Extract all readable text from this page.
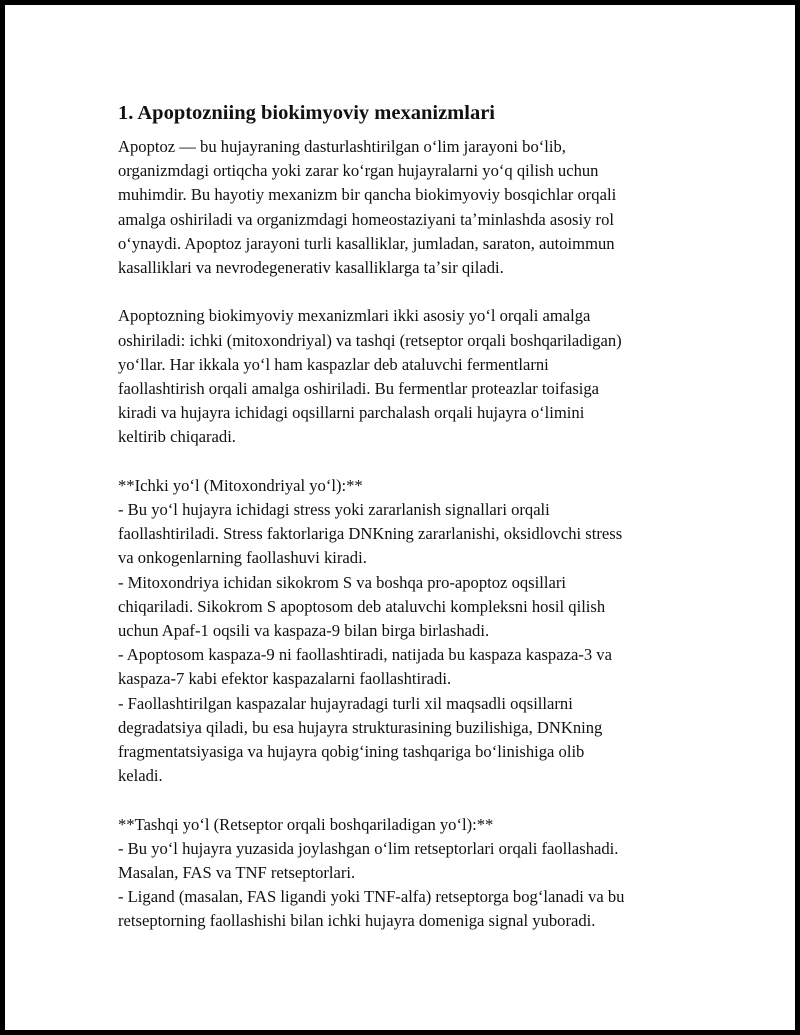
1. Apoptozniing biokimyoviy mexanizmlari
Apoptoz — bu hujayraning dasturlashtirilgan oʻlim jarayoni boʻlib,
organizmdagi ortiqcha yoki zarar koʻrgan hujayralarni yoʻq qilish uchun
muhimdir. Bu hayotiy mexanizm bir qancha biokimyoviy bosqichlar orqali
amalga oshiriladi va organizmdagi homeostaziyani taʼminlashda asosiy rol
oʻynaydi. Apoptoz jarayoni turli kasalliklar, jumladan, saraton, autoimmun
kasalliklari va nevrodegenerativ kasalliklarga taʼsir qiladi.
Apoptozning biokimyoviy mexanizmlari ikki asosiy yoʻl orqali amalga
oshiriladi: ichki (mitoxondriyal) va tashqi (retseptor orqali boshqariladigan)
yoʻllar. Har ikkala yoʻl ham kaspazlar deb ataluvchi fermentlarni
faollashtirish orqali amalga oshiriladi. Bu fermentlar proteazlar toifasiga
kiradi va hujayra ichidagi oqsillarni parchalash orqali hujayra oʻlimini
keltirib chiqaradi.
**Ichki yoʻl (Mitoxondriyal yoʻl):**
- Bu yoʻl hujayra ichidagi stress yoki zararlanish signallari orqali
faollashtiriladi. Stress faktorlariga DNKning zararlanishi, oksidlovchi stress
va onkogenlarning faollashuvi kiradi.
- Mitoxondriya ichidan sikokrom S va boshqa pro-apoptoz oqsillari
chiqariladi. Sikokrom S apoptosom deb ataluvchi kompleksni hosil qilish
uchun Apaf-1 oqsili va kaspaza-9 bilan birga birlashadi.
- Apoptosom kaspaza-9 ni faollashtiradi, natijada bu kaspaza kaspaza-3 va
kaspaza-7 kabi efektor kaspazalarni faollashtiradi.
- Faollashtirilgan kaspazalar hujayradagi turli xil maqsadli oqsillarni
degradatsiya qiladi, bu esa hujayra strukturasining buzilishiga, DNKning
fragmentatsiyasiga va hujayra qobigʻining tashqariga boʻlinishiga olib
keladi.
**Tashqi yoʻl (Retseptor orqali boshqariladigan yoʻl):**
- Bu yoʻl hujayra yuzasida joylashgan oʻlim retseptorlari orqali faollashadi.
Masalan, FAS va TNF retseptorlari.
- Ligand (masalan, FAS ligandi yoki TNF-alfa) retseptorga bogʻlanadi va bu
retseptorning faollashishi bilan ichki hujayra domeniga signal yuboradi.
